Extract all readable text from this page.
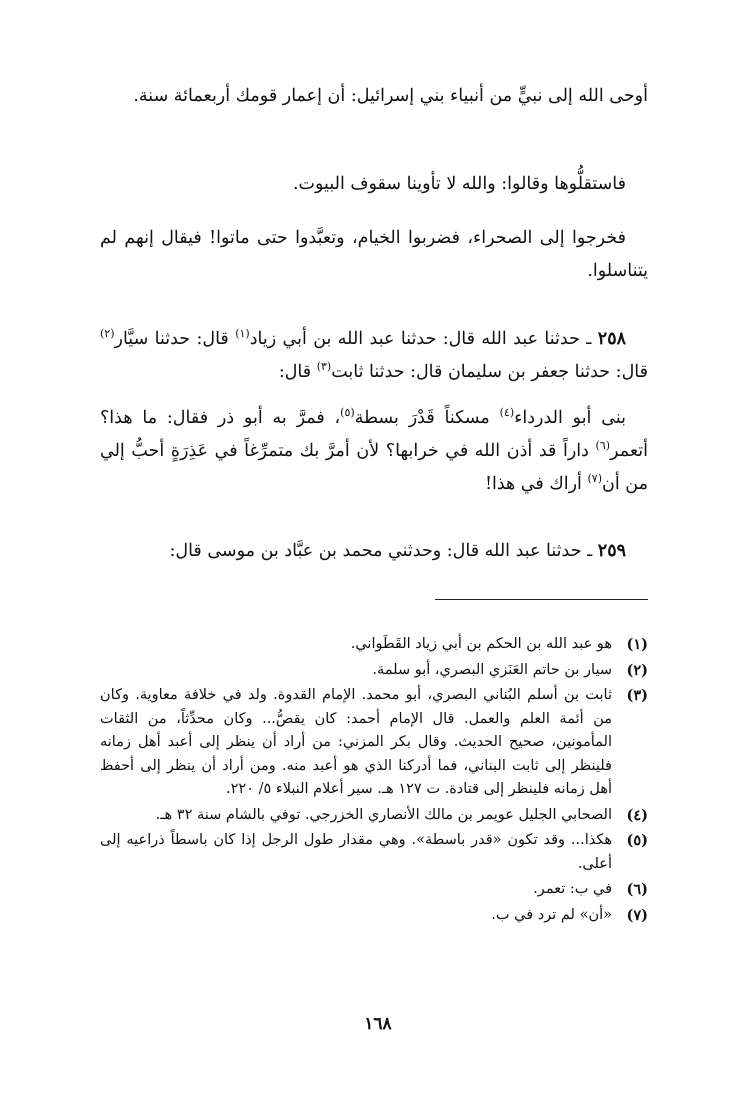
أوحى الله إلى نبيٍّ من أنبياء بني إسرائيل: أن إعمار قومك أربعمائة سنة.

فاستقلُّوها وقالوا: والله لا تأوينا سقوف البيوت.

فخرجوا إلى الصحراء، فضربوا الخيام، وتعبَّدوا حتى ماتوا! فيقال إنهم لم يتناسلوا.

٢٥٨ ـ حدثنا عبد الله قال: حدثنا عبد الله بن أبي زياد$^{(١)}$ قال: حدثنا سيَّار$^{(٢)}$ قال: حدثنا جعفر بن سليمان قال: حدثنا ثابت$^{(٣)}$ قال:

بنى أبو الدرداء$^{(٤)}$ مسكناً قَدْرَ بسطة$^{(٥)}$، فمرَّ به أبو ذر فقال: ما هذا؟ أتعمر$^{(٦)}$ داراً قد أذن الله في خرابها؟ لأن أمرَّ بك متمرِّغاً في عَذِرَةٍ أحبُّ إلي من أن$^{(٧)}$ أراك في هذا!

٢٥٩ ـ حدثنا عبد الله قال: وحدثني محمد بن عبَّاد بن موسى قال:

(١)
هو عبد الله بن الحكم بن أبي زياد القَطَواني.
(٢)
سيار بن حاتم العَنَزي البصري، أبو سلمة.
(٣)
ثابت بن أسلم البُناني البصري، أبو محمد. الإمام القدوة. ولد في خلافة معاوية. وكان من أئمة العلم والعمل. قال الإمام أحمد: كان يقصُّ... وكان محدِّثاً، من الثقات المأمونين، صحيح الحديث. وقال بكر المزني: من أراد أن ينظر إلى أعبد أهل زمانه فلينظر إلى ثابت البناني، فما أدركنا الذي هو أعبد منه. ومن أراد أن ينظر إلى أحفظ أهل زمانه فلينظر إلى قتادة. ت ١٢٧ هـ. سير أعلام النبلاء ٥/ ٢٢٠.
(٤)
الصحابي الجليل عويمر بن مالك الأنصاري الخزرجي. توفي بالشام سنة ٣٢ هـ.
(٥)
هكذا... وقد تكون «قدر باسطة». وهي مقدار طول الرجل إذا كان باسطاً ذراعيه إلى أعلى.
(٦)
في ب: تعمر.
(٧)
«أن» لم ترد في ب.
١٦٨
